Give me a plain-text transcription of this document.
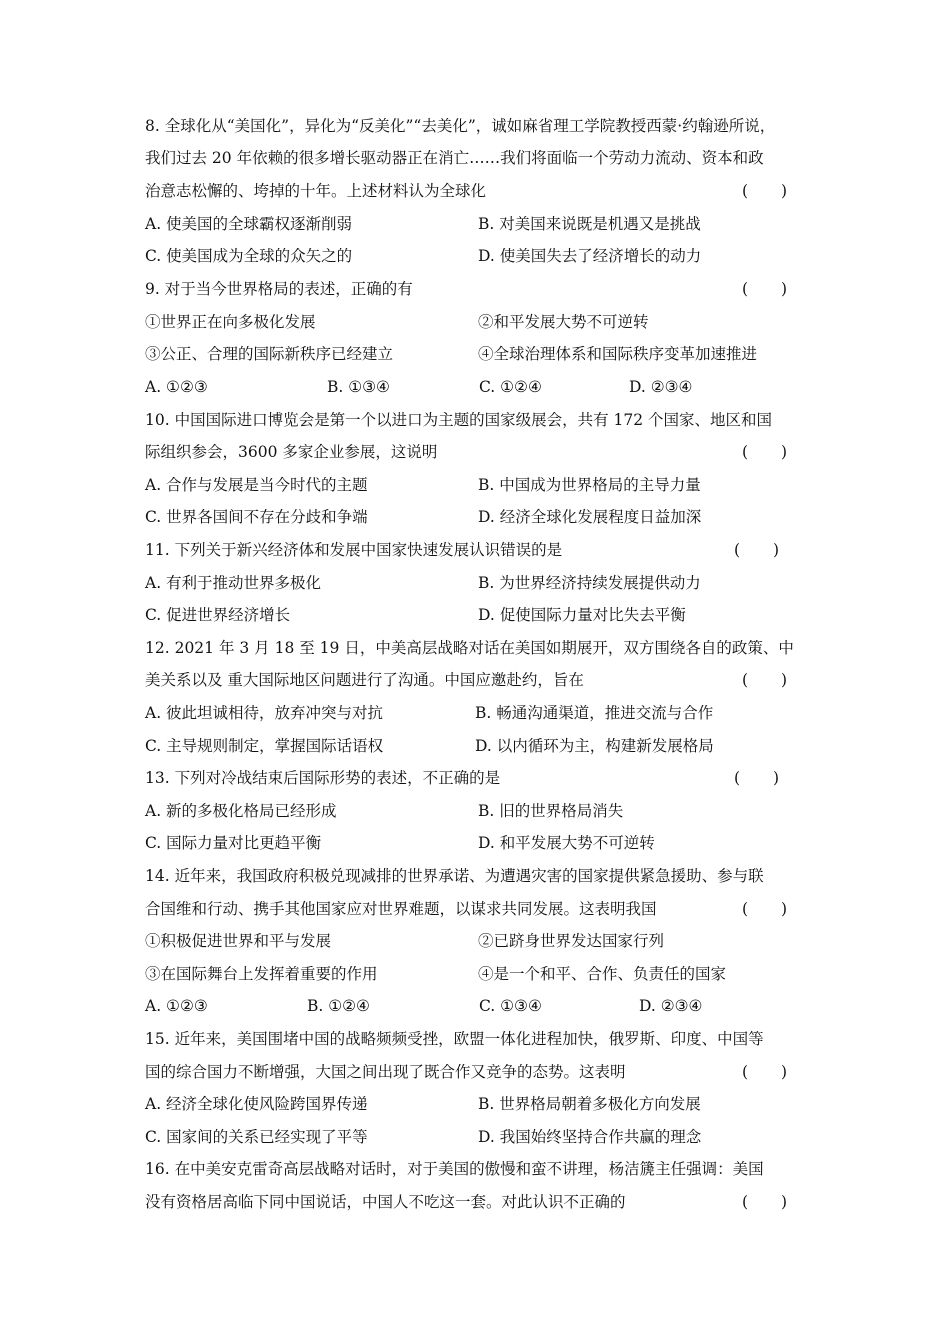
8. 全球化从“美国化”，异化为“反美化”“去美化”，诚如麻省理工学院教授西蒙·约翰逊所说，
我们过去 20 年依赖的很多增长驱动器正在消亡……我们将面临一个劳动力流动、资本和政
治意志松懈的、垮掉的十年。上述材料认为全球化	( )
A. 使美国的全球霸权逐渐削弱	B. 对美国来说既是机遇又是挑战
C. 使美国成为全球的众矢之的	D. 使美国失去了经济增长的动力
9. 对于当今世界格局的表述，正确的有	( )
①世界正在向多极化发展	②和平发展大势不可逆转
③公正、合理的国际新秩序已经建立	④全球治理体系和国际秩序变革加速推进
A. ①②③	B. ①③④	C. ①②④	D. ②③④
10. 中国国际进口博览会是第一个以进口为主题的国家级展会，共有 172 个国家、地区和国
际组织参会，3600 多家企业参展，这说明	( )
A. 合作与发展是当今时代的主题	B. 中国成为世界格局的主导力量
C. 世界各国间不存在分歧和争端	D. 经济全球化发展程度日益加深
11. 下列关于新兴经济体和发展中国家快速发展认识错误的是	( )
A. 有利于推动世界多极化	B. 为世界经济持续发展提供动力
C. 促进世界经济增长	D. 促使国际力量对比失去平衡
12. 2021 年 3 月 18 至 19 日，中美高层战略对话在美国如期展开，双方围绕各自的政策、中
美关系以及 重大国际地区问题进行了沟通。中国应邀赴约，旨在	( )
A. 彼此坦诚相待，放弃冲突与对抗	B. 畅通沟通渠道，推进交流与合作
C. 主导规则制定，掌握国际话语权	D. 以内循环为主，构建新发展格局
13. 下列对冷战结束后国际形势的表述，不正确的是	( )
A. 新的多极化格局已经形成	B. 旧的世界格局消失
C. 国际力量对比更趋平衡	D. 和平发展大势不可逆转
14. 近年来，我国政府积极兑现减排的世界承诺、为遭遇灾害的国家提供紧急援助、参与联
合国维和行动、携手其他国家应对世界难题，以谋求共同发展。这表明我国	( )
①积极促进世界和平与发展	②已跻身世界发达国家行列
③在国际舞台上发挥着重要的作用	④是一个和平、合作、负责任的国家
A. ①②③	B. ①②④	C. ①③④	D. ②③④
15. 近年来，美国围堵中国的战略频频受挫，欧盟一体化进程加快，俄罗斯、印度、中国等
国的综合国力不断增强，大国之间出现了既合作又竞争的态势。这表明	( )
A. 经济全球化使风险跨国界传递	B. 世界格局朝着多极化方向发展
C. 国家间的关系已经实现了平等	D. 我国始终坚持合作共赢的理念
16. 在中美安克雷奇高层战略对话时，对于美国的傲慢和蛮不讲理，杨洁篪主任强调：美国
没有资格居高临下同中国说话，中国人不吃这一套。对此认识不正确的	( )
